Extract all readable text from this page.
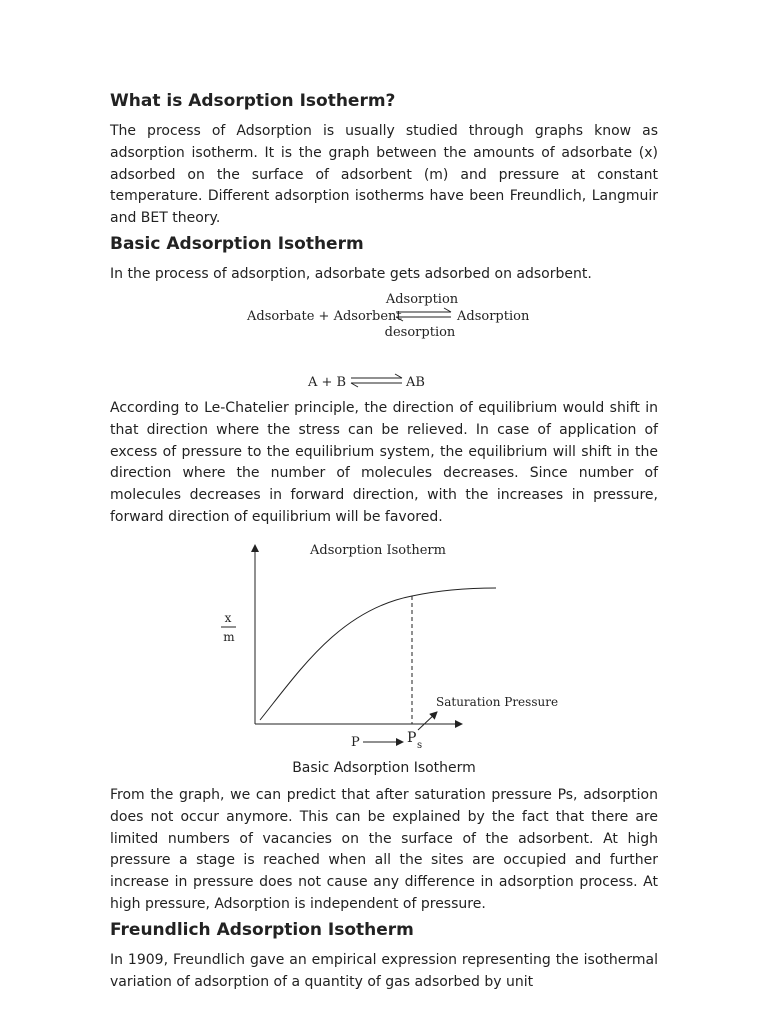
What is Adsorption Isotherm?

The process of Adsorption is usually studied through graphs know as adsorption isotherm. It is the graph between the amounts of adsorbate (x) adsorbed on the surface of adsorbent (m) and pressure at constant temperature. Different adsorption isotherms have been Freundlich, Langmuir and BET theory.

Basic Adsorption Isotherm

In the process of adsorption, adsorbate gets adsorbed on adsorbent.

According to Le-Chatelier principle, the direction of equilibrium would shift in that direction where the stress can be relieved. In case of application of excess of pressure to the equilibrium system, the equilibrium will shift in the direction where the number of molecules decreases. Since number of molecules decreases in forward direction, with the increases in pressure, forward direction of equilibrium will be favored.

Basic Adsorption Isotherm

From the graph, we can predict that after saturation pressure Ps, adsorption does not occur anymore. This can be explained by the fact that there are limited numbers of vacancies on the surface of the adsorbent. At high pressure a stage is reached when all the sites are occupied and further increase in pressure does not cause any difference in adsorption process. At high pressure, Adsorption is independent of pressure.

Freundlich Adsorption Isotherm

In 1909, Freundlich gave an empirical expression representing the isothermal variation of adsorption of a quantity of gas adsorbed by unit

Adsorbate + Adsorbent
Adsorption
desorption
Adsorption
A + B	AB
Adsorption Isotherm
x
m
Saturation Pressure
P	P s
